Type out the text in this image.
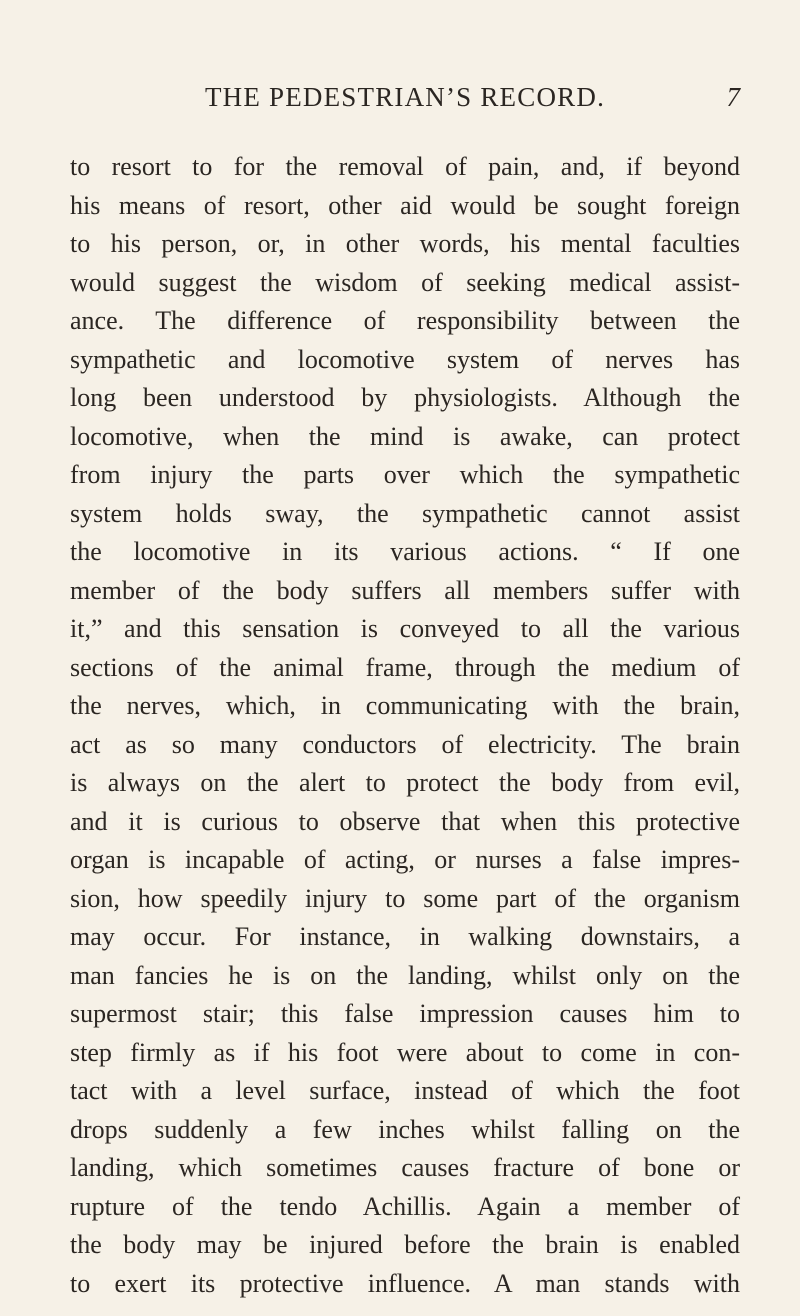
THE PEDESTRIAN’S RECORD.	7
to resort to for the removal of pain, and, if beyond
his means of resort, other aid would be sought foreign
to his person, or, in other words, his mental faculties
would suggest the wisdom of seeking medical assist-
ance. The difference of responsibility between the
sympathetic and locomotive system of nerves has
long been understood by physiologists. Although the
locomotive, when the mind is awake, can protect
from injury the parts over which the sympathetic
system holds sway, the sympathetic cannot assist
the locomotive in its various actions. “ If one
member of the body suffers all members suffer with
it,” and this sensation is conveyed to all the various
sections of the animal frame, through the medium of
the nerves, which, in communicating with the brain,
act as so many conductors of electricity. The brain
is always on the alert to protect the body from evil,
and it is curious to observe that when this protective
organ is incapable of acting, or nurses a false impres-
sion, how speedily injury to some part of the organism
may occur. For instance, in walking downstairs, a
man fancies he is on the landing, whilst only on the
supermost stair; this false impression causes him to
step firmly as if his foot were about to come in con-
tact with a level surface, instead of which the foot
drops suddenly a few inches whilst falling on the
landing, which sometimes causes fracture of bone or
rupture of the tendo Achillis. Again a member of
the body may be injured before the brain is enabled
to exert its protective influence. A man stands with
